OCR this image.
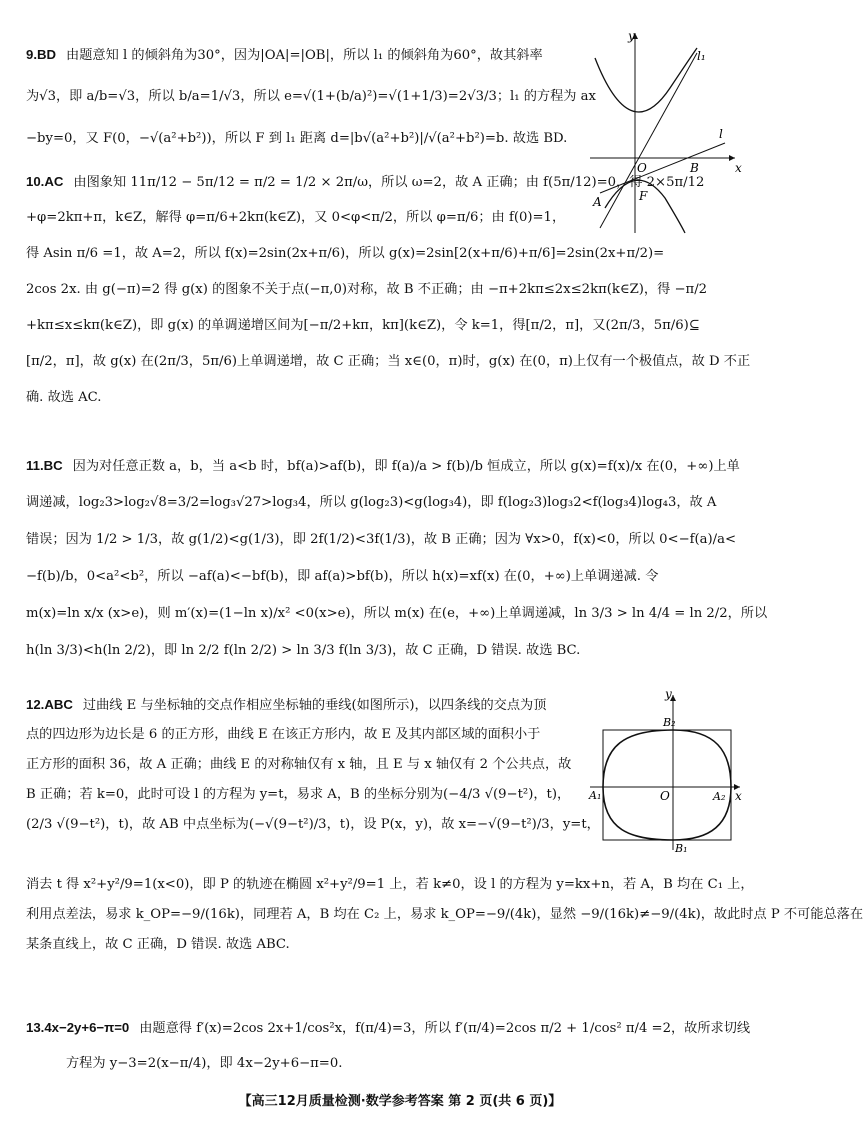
9.BD 由题意知 l 的倾斜角为30°，因为|OA|=|OB|，所以 l₁ 的倾斜角为60°，故其斜率
为√3，即 a/b=√3，所以 b/a=1/√3，所以 e=√(1+(b/a)²)=√(1+1/3)=2√3/3；l₁ 的方程为 ax
−by=0，又 F(0，−√(a²+b²))，所以 F 到 l₁ 距离 d=|b√(a²+b²)|/√(a²+b²)=b. 故选 BD.
y
l₁
l
O	B	x
A	F
10.AC 由图象知 11π/12 − 5π/12 = π/2 = 1/2 × 2π/ω，所以 ω=2，故 A 正确；由 f(5π/12)=0，得 2×5π/12
+φ=2kπ+π，k∈Z，解得 φ=π/6+2kπ(k∈Z)，又 0<φ<π/2，所以 φ=π/6；由 f(0)=1，
得 Asin π/6 =1，故 A=2，所以 f(x)=2sin(2x+π/6)，所以 g(x)=2sin[2(x+π/6)+π/6]=2sin(2x+π/2)=
2cos 2x. 由 g(−π)=2 得 g(x) 的图象不关于点(−π,0)对称，故 B 不正确；由 −π+2kπ≤2x≤2kπ(k∈Z)，得 −π/2
+kπ≤x≤kπ(k∈Z)，即 g(x) 的单调递增区间为[−π/2+kπ，kπ](k∈Z)，令 k=1，得[π/2，π]，又(2π/3，5π/6)⊆
[π/2，π]，故 g(x) 在(2π/3，5π/6)上单调递增，故 C 正确；当 x∈(0，π)时，g(x) 在(0，π)上仅有一个极值点，故 D 不正
确. 故选 AC.
11.BC 因为对任意正数 a，b，当 a<b 时，bf(a)>af(b)，即 f(a)/a > f(b)/b 恒成立，所以 g(x)=f(x)/x 在(0，+∞)上单
调递减，log₂3>log₂√8=3/2=log₃√27>log₃4，所以 g(log₂3)<g(log₃4)，即 f(log₂3)log₃2<f(log₃4)log₄3，故 A
错误；因为 1/2 > 1/3，故 g(1/2)<g(1/3)，即 2f(1/2)<3f(1/3)，故 B 正确；因为 ∀x>0，f(x)<0，所以 0<−f(a)/a<
−f(b)/b，0<a²<b²，所以 −af(a)<−bf(b)，即 af(a)>bf(b)，所以 h(x)=xf(x) 在(0，+∞)上单调递减. 令
m(x)=ln x/x (x>e)，则 m′(x)=(1−ln x)/x² <0(x>e)，所以 m(x) 在(e，+∞)上单调递减，ln 3/3 > ln 4/4 = ln 2/2，所以
h(ln 3/3)<h(ln 2/2)，即 ln 2/2 f(ln 2/2) > ln 3/3 f(ln 3/3)，故 C 正确，D 错误. 故选 BC.
12.ABC 过曲线 E 与坐标轴的交点作相应坐标轴的垂线(如图所示)，以四条线的交点为顶
点的四边形为边长是 6 的正方形，曲线 E 在该正方形内，故 E 及其内部区域的面积小于
正方形的面积 36，故 A 正确；曲线 E 的对称轴仅有 x 轴，且 E 与 x 轴仅有 2 个公共点，故
B 正确；若 k=0，此时可设 l 的方程为 y=t，易求 A，B 的坐标分别为(−4/3 √(9−t²)，t)，
(2/3 √(9−t²)，t)，故 AB 中点坐标为(−√(9−t²)/3，t)，设 P(x，y)，故 x=−√(9−t²)/3，y=t，
y
B₂
A₁	O	A₂ x
B₁
消去 t 得 x²+y²/9=1(x<0)，即 P 的轨迹在椭圆 x²+y²/9=1 上，若 k≠0，设 l 的方程为 y=kx+n，若 A，B 均在 C₁ 上，
利用点差法，易求 k_OP=−9/(16k)，同理若 A，B 均在 C₂ 上，易求 k_OP=−9/(4k)，显然 −9/(16k)≠−9/(4k)，故此时点 P 不可能总落在
某条直线上，故 C 正确，D 错误. 故选 ABC.
13.4x−2y+6−π=0 由题意得 f′(x)=2cos 2x+1/cos²x，f(π/4)=3，所以 f′(π/4)=2cos π/2 + 1/cos² π/4 =2，故所求切线
方程为 y−3=2(x−π/4)，即 4x−2y+6−π=0.
【高三12月质量检测·数学参考答案 第 2 页(共 6 页)】
